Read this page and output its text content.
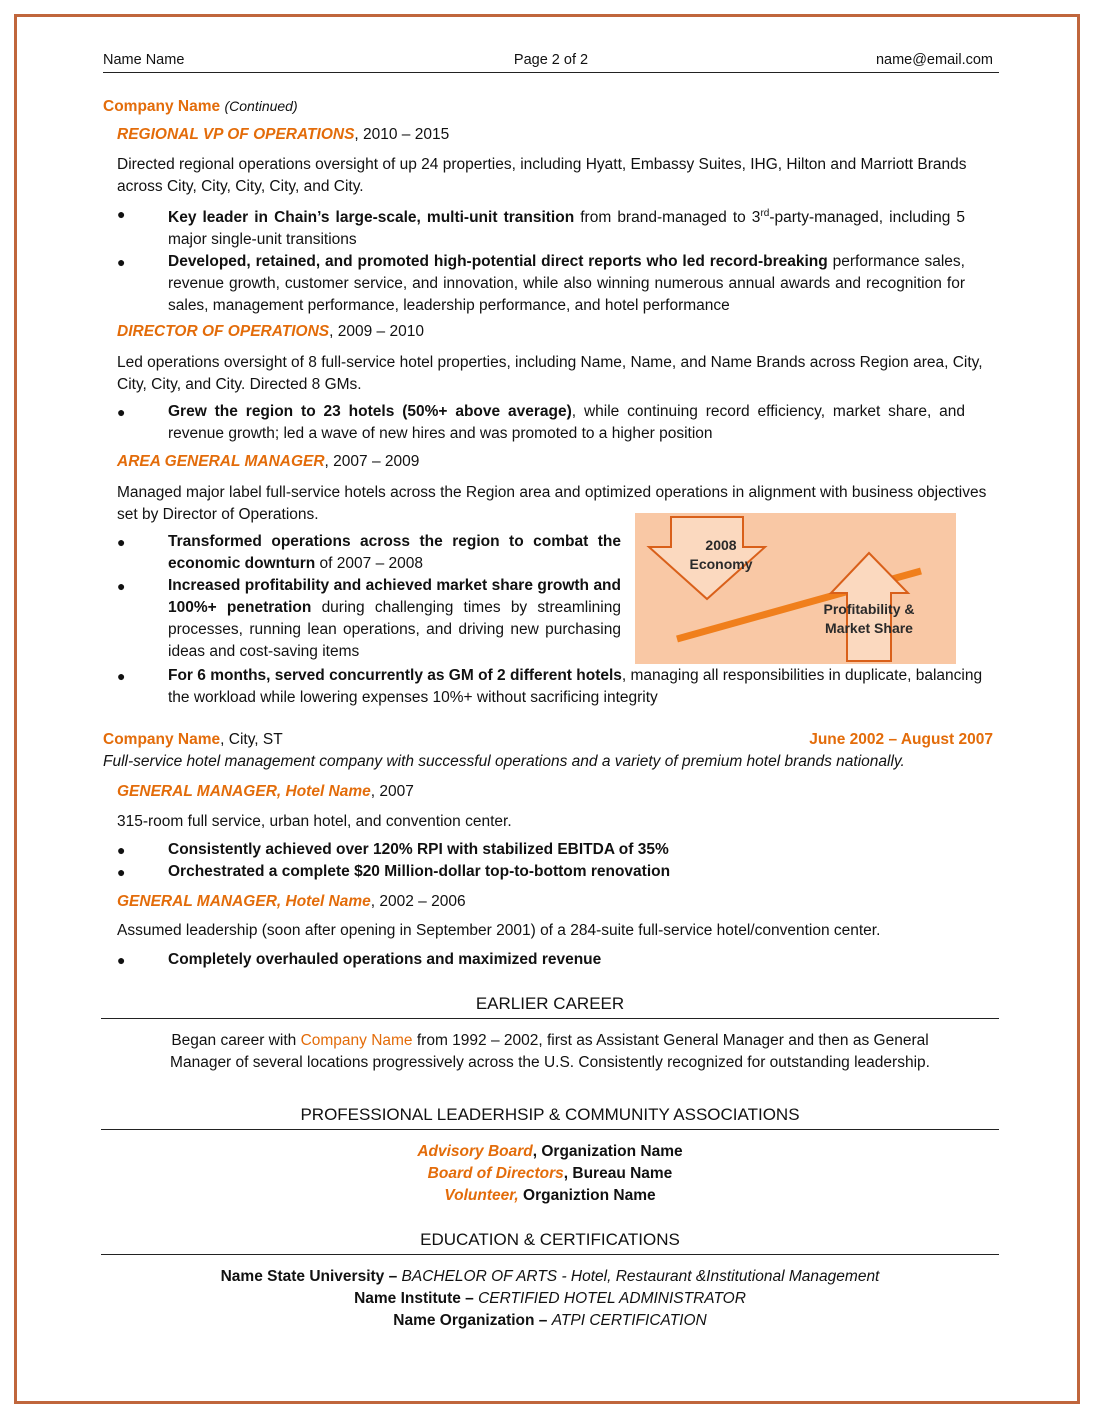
Name Name	Page 2 of 2	name@email.com
Company Name (Continued)
REGIONAL VP OF OPERATIONS, 2010 – 2015
Directed regional operations oversight of up 24 properties, including Hyatt, Embassy Suites, IHG, Hilton and Marriott Brands across City, City, City, City, and City.
●	Key leader in Chain’s large-scale, multi-unit transition from brand-managed to 3rd-party-managed, including 5 major single-unit transitions
●	Developed, retained, and promoted high-potential direct reports who led record-breaking performance sales, revenue growth, customer service, and innovation, while also winning numerous annual awards and recognition for sales, management performance, leadership performance, and hotel performance
DIRECTOR OF OPERATIONS, 2009 – 2010
Led operations oversight of 8 full-service hotel properties, including Name, Name, and Name Brands across Region area, City, City, City, and City. Directed 8 GMs.
●	Grew the region to 23 hotels (50%+ above average), while continuing record efficiency, market share, and revenue growth; led a wave of new hires and was promoted to a higher position
AREA GENERAL MANAGER, 2007 – 2009
Managed major label full-service hotels across the Region area and optimized operations in alignment with business objectives set by Director of Operations.
●	Transformed operations across the region to combat the economic downturn of 2007 – 2008
●	Increased profitability and achieved market share growth and 100%+ penetration during challenging times by streamlining processes, running lean operations, and driving new purchasing ideas and cost-saving items
●	For 6 months, served concurrently as GM of 2 different hotels, managing all responsibilities in duplicate, balancing the workload while lowering expenses 10%+ without sacrificing integrity
2008
Economy
Profitability &
Market Share
Company Name, City, ST	June 2002 – August 2007
Full-service hotel management company with successful operations and a variety of premium hotel brands nationally.
GENERAL MANAGER, Hotel Name, 2007
315-room full service, urban hotel, and convention center.
●	Consistently achieved over 120% RPI with stabilized EBITDA of 35%
●	Orchestrated a complete $20 Million-dollar top-to-bottom renovation
GENERAL MANAGER, Hotel Name, 2002 – 2006
Assumed leadership (soon after opening in September 2001) of a 284-suite full-service hotel/convention center.
●	Completely overhauled operations and maximized revenue
EARLIER CAREER
Began career with Company Name from 1992 – 2002, first as Assistant General Manager and then as General
Manager of several locations progressively across the U.S. Consistently recognized for outstanding leadership.
PROFESSIONAL LEADERHSIP & COMMUNITY ASSOCIATIONS
Advisory Board, Organization Name
Board of Directors, Bureau Name
Volunteer, Organiztion Name
EDUCATION & CERTIFICATIONS
Name State University – BACHELOR OF ARTS - Hotel, Restaurant &Institutional Management
Name Institute – CERTIFIED HOTEL ADMINISTRATOR
Name Organization – ATPI CERTIFICATION
